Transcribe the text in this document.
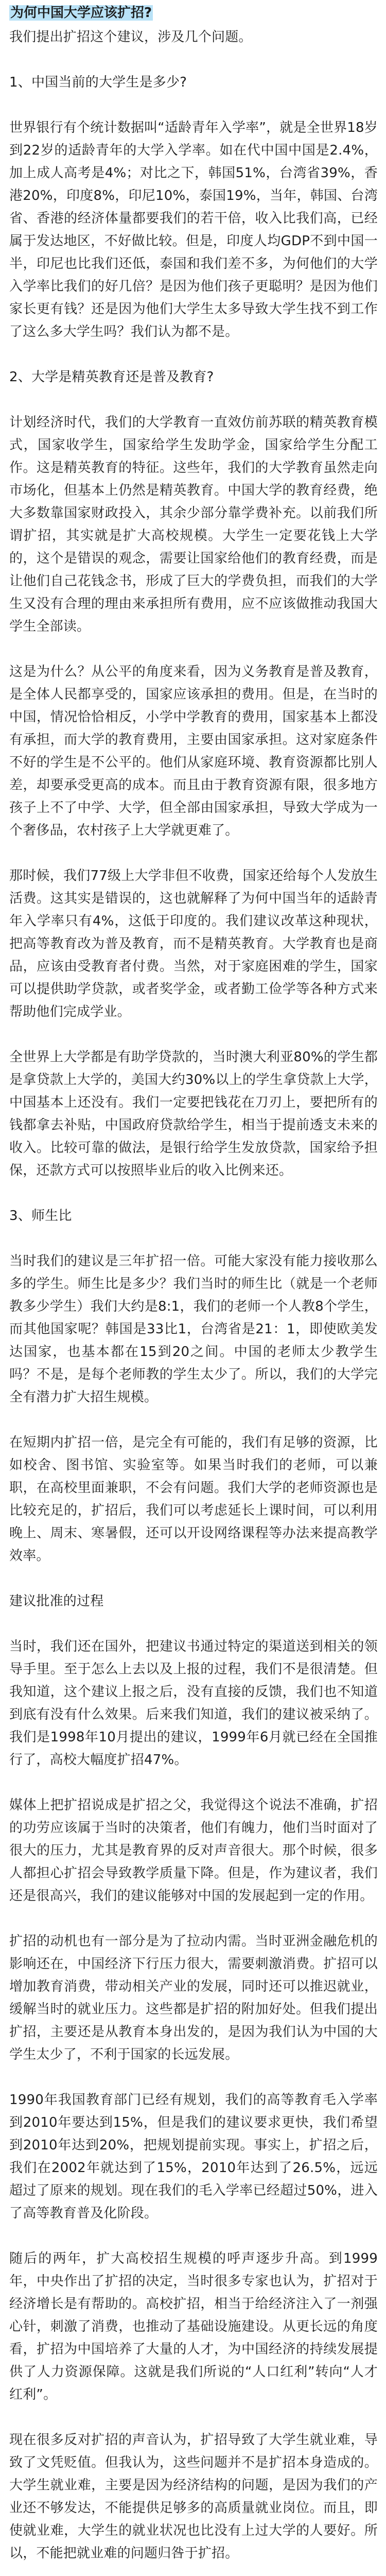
为何中国大学应该扩招?

我们提出扩招这个建议，涉及几个问题。

1、中国当前的大学生是多少?

世界银行有个统计数据叫“适龄青年入学率”，就是全世界18岁到22岁的适龄青年的大学入学率。如在代中国中国是2.4%，加上成人高考是4%；对比之下，韩国51%，台湾省39%，香港20%，印度8%，印尼10%，泰国19%，当年，韩国、台湾省、香港的经济体量都要我们的若干倍，收入比我们高，已经属于发达地区，不好做比较。但是，印度人均GDP不到中国一半，印尼也比我们还低，泰国和我们差不多，为何他们的大学入学率比我们的好几倍？是因为他们孩子更聪明？是因为他们家长更有钱？还是因为他们大学生太多导致大学生找不到工作了这么多大学生吗？我们认为都不是。

2、大学是精英教育还是普及教育?

计划经济时代，我们的大学教育一直效仿前苏联的精英教育模式，国家收学生，国家给学生发助学金，国家给学生分配工作。这是精英教育的特征。这些年，我们的大学教育虽然走向市场化，但基本上仍然是精英教育。中国大学的教育经费，绝大多数靠国家财政投入，其余少部分靠学费补充。以前我们所谓扩招，其实就是扩大高校规模。大学生一定要花钱上大学的，这个是错误的观念，需要让国家给他们的教育经费，而是让他们自己花钱念书，形成了巨大的学费负担，而我们的大学生又没有合理的理由来承担所有费用，应不应该做推动我国大学生全部读。

这是为什么？从公平的角度来看，因为义务教育是普及教育，是全体人民都享受的，国家应该承担的费用。但是，在当时的中国，情况恰恰相反，小学中学教育的费用，国家基本上都没有承担，而大学的教育费用，主要由国家承担。这对家庭条件不好的学生是不公平的。他们从家庭环境、教育资源都比别人差，却要承受更高的成本。而且由于教育资源有限，很多地方孩子上不了中学、大学，但全部由国家承担，导致大学成为一个奢侈品，农村孩子上大学就更难了。

那时候，我们77级上大学非但不收费，国家还给每个人发放生活费。这其实是错误的，这也就解释了为何中国当年的适龄青年入学率只有4%，这低于印度的。我们建议改革这种现状，把高等教育改为普及教育，而不是精英教育。大学教育也是商品，应该由受教育者付费。当然，对于家庭困难的学生，国家可以提供助学贷款，或者奖学金，或者勤工俭学等各种方式来帮助他们完成学业。

全世界上大学都是有助学贷款的，当时澳大利亚80%的学生都是拿贷款上大学的，美国大约30%以上的学生拿贷款上大学，中国基本上还没有。我们一定要把钱花在刀刃上，要把所有的钱都拿去补贴，中国政府贷款给学生，相当于提前透支未来的收入。比较可靠的做法，是银行给学生发放贷款，国家给予担保，还款方式可以按照毕业后的收入比例来还。

3、师生比

当时我们的建议是三年扩招一倍。可能大家没有能力接收那么多的学生。师生比是多少？我们当时的师生比（就是一个老师教多少学生）我们大约是8:1，我们的老师一个人教8个学生，而其他国家呢？韩国是33比1，台湾省是21：1，即使欧美发达国家，也基本都在15到20之间。中国的老师太少教学生吗？不是，是每个老师教的学生太少了。所以，我们的大学完全有潜力扩大招生规模。

在短期内扩招一倍，是完全有可能的，我们有足够的资源，比如校舍、图书馆、实验室等。如果当时我们的老师，可以兼职，在高校里面兼职，不会有问题。我们大学的老师资源也是比较充足的，扩招后，我们可以考虑延长上课时间，可以利用晚上、周末、寒暑假，还可以开设网络课程等办法来提高教学效率。

建议批准的过程

当时，我们还在国外，把建议书通过特定的渠道送到相关的领导手里。至于怎么上去以及上报的过程，我们不是很清楚。但我知道，这个建议上报之后，没有直接的反馈，我们也不知道到底有没有什么效果。后来我们知道，我们的建议被采纳了。我们是1998年10月提出的建议，1999年6月就已经在全国推行了，高校大幅度扩招47%。

媒体上把扩招说成是扩招之父，我觉得这个说法不准确，扩招的功劳应该属于当时的决策者，他们有魄力，他们当时面对了很大的压力，尤其是教育界的反对声音很大。那个时候，很多人都担心扩招会导致教学质量下降。但是，作为建议者，我们还是很高兴，我们的建议能够对中国的发展起到一定的作用。

扩招的动机也有一部分是为了拉动内需。当时亚洲金融危机的影响还在，中国经济下行压力很大，需要刺激消费。扩招可以增加教育消费，带动相关产业的发展，同时还可以推迟就业，缓解当时的就业压力。这些都是扩招的附加好处。但我们提出扩招，主要还是从教育本身出发的，是因为我们认为中国的大学生太少了，不利于国家的长远发展。

1990年我国教育部门已经有规划，我们的高等教育毛入学率到2010年要达到15%，但是我们的建议要求更快，我们希望到2010年达到20%，把规划提前实现。事实上，扩招之后，我们在2002年就达到了15%，2010年达到了26.5%，远远超过了原来的规划。现在我们的毛入学率已经超过50%，进入了高等教育普及化阶段。

随后的两年，扩大高校招生规模的呼声逐步升高。到1999年，中央作出了扩招的决定，当时很多专家也认为，扩招对于经济增长是有帮助的。高校扩招，相当于给经济注入了一剂强心针，刺激了消费，也推动了基础设施建设。从更长远的角度看，扩招为中国培养了大量的人才，为中国经济的持续发展提供了人力资源保障。这就是我们所说的“人口红利”转向“人才红利”。

现在很多反对扩招的声音认为，扩招导致了大学生就业难，导致了文凭贬值。但我认为，这些问题并不是扩招本身造成的。大学生就业难，主要是因为经济结构的问题，是因为我们的产业还不够发达，不能提供足够多的高质量就业岗位。而且，即使就业难，大学生的就业状况也比没有上过大学的人要好。所以，不能把就业难的问题归咎于扩招。
